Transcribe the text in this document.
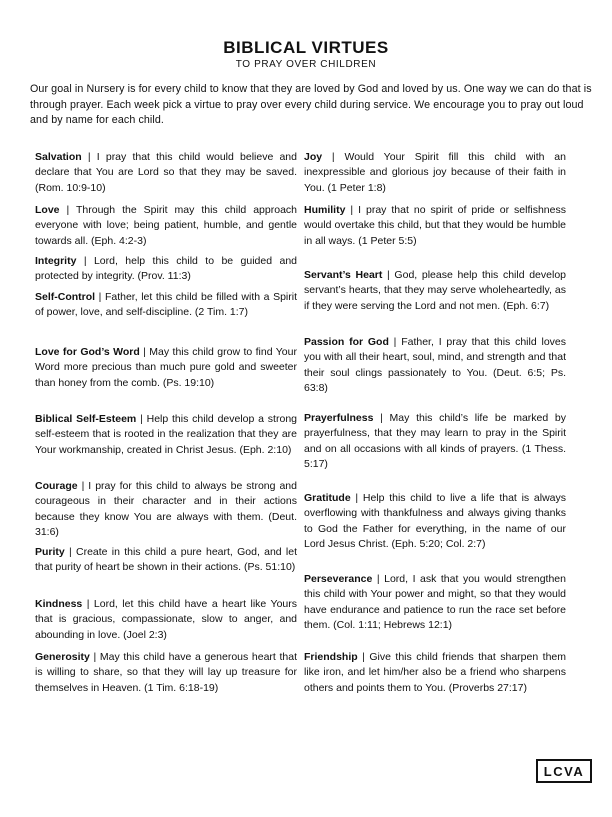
BIBLICAL VIRTUES
TO PRAY OVER CHILDREN
Our goal in Nursery is for every child to know that they are loved by God and loved by us. One way we can do that is through prayer. Each week pick a virtue to pray over every child during service. We encourage you to pray out loud and by name for each child.

Salvation | I pray that this child would believe and declare that You are Lord so that they may be saved. (Rom. 10:9-10)

Love | Through the Spirit may this child approach everyone with love; being patient, humble, and gentle towards all. (Eph. 4:2-3)

Integrity | Lord, help this child to be guided and protected by integrity. (Prov. 11:3)

Self-Control | Father, let this child be filled with a Spirit of power, love, and self-discipline. (2 Tim. 1:7)

Love for God’s Word | May this child grow to find Your Word more precious than much pure gold and sweeter than honey from the comb. (Ps. 19:10)

Biblical Self-Esteem | Help this child develop a strong self-esteem that is rooted in the realization that they are Your workmanship, created in Christ Jesus. (Eph. 2:10)

Courage | I pray for this child to always be strong and courageous in their character and in their actions because they know You are always with them. (Deut. 31:6)

Purity | Create in this child a pure heart, God, and let that purity of heart be shown in their actions. (Ps. 51:10)

Kindness | Lord, let this child have a heart like Yours that is gracious, compassionate, slow to anger, and abounding in love. (Joel 2:3)

Generosity | May this child have a generous heart that is willing to share, so that they will lay up treasure for themselves in Heaven. (1 Tim. 6:18-19)

Joy | Would Your Spirit fill this child with an inexpressible and glorious joy because of their faith in You. (1 Peter 1:8)

Humility | I pray that no spirit of pride or selfishness would overtake this child, but that they would be humble in all ways. (1 Peter 5:5)

Servant’s Heart | God, please help this child develop servant’s hearts, that they may serve wholeheartedly, as if they were serving the Lord and not men. (Eph. 6:7)

Passion for God | Father, I pray that this child loves you with all their heart, soul, mind, and strength and that their soul clings passionately to You. (Deut. 6:5; Ps. 63:8)

Prayerfulness | May this child’s life be marked by prayerfulness, that they may learn to pray in the Spirit and on all occasions with all kinds of prayers. (1 Thess. 5:17)

Gratitude | Help this child to live a life that is always overflowing with thankfulness and always giving thanks to God the Father for everything, in the name of our Lord Jesus Christ. (Eph. 5:20; Col. 2:7)

Perseverance | Lord, I ask that you would strengthen this child with Your power and might, so that they would have endurance and patience to run the race set before them. (Col. 1:11; Hebrews 12:1)

Friendship | Give this child friends that sharpen them like iron, and let him/her also be a friend who sharpens others and points them to You. (Proverbs 27:17)

LCVA
